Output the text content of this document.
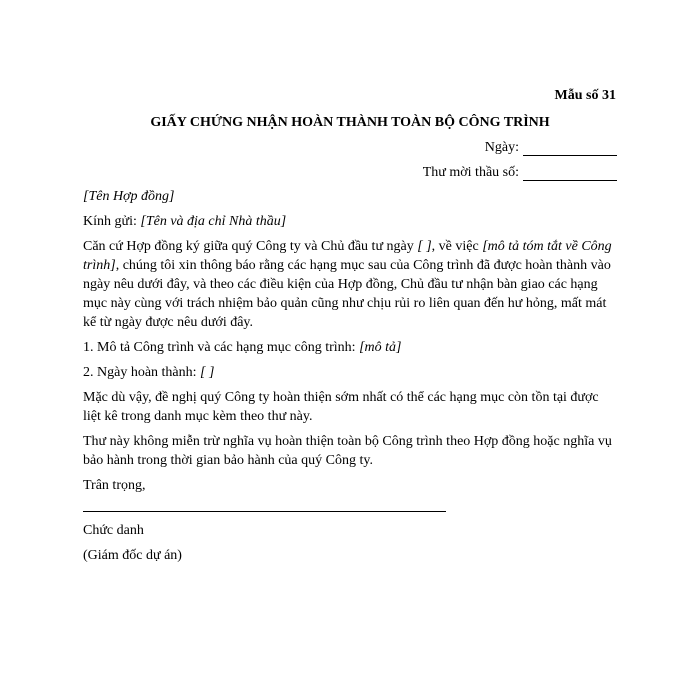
Mẫu số 31
GIẤY CHỨNG NHẬN HOÀN THÀNH TOÀN BỘ CÔNG TRÌNH
Ngày:
Thư mời thầu số:

[Tên Hợp đồng]

Kính gửi: [Tên và địa chỉ Nhà thầu]

Căn cứ Hợp đồng ký giữa quý Công ty và Chủ đầu tư ngày [ ], về việc [mô tả tóm tắt về Công trình], chúng tôi xin thông báo rằng các hạng mục sau của Công trình đã được hoàn thành vào ngày nêu dưới đây, và theo các điều kiện của Hợp đồng, Chủ đầu tư nhận bàn giao các hạng mục này cùng với trách nhiệm bảo quản cũng như chịu rủi ro liên quan đến hư hỏng, mất mát kể từ ngày được nêu dưới đây.

1. Mô tả Công trình và các hạng mục công trình: [mô tả]

2. Ngày hoàn thành: [ ]

Mặc dù vậy, đề nghị quý Công ty hoàn thiện sớm nhất có thể các hạng mục còn tồn tại được liệt kê trong danh mục kèm theo thư này.

Thư này không miễn trừ nghĩa vụ hoàn thiện toàn bộ Công trình theo Hợp đồng hoặc nghĩa vụ bảo hành trong thời gian bảo hành của quý Công ty.

Trân trọng,

Chức danh
(Giám đốc dự án)
